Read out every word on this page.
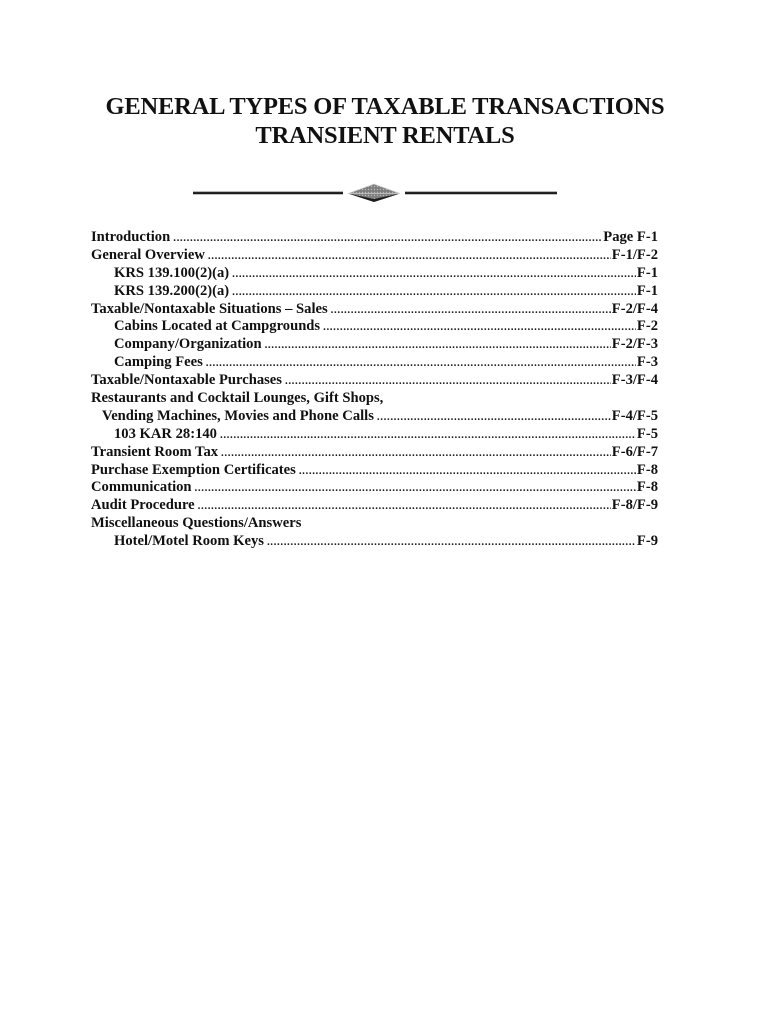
GENERAL TYPES OF TAXABLE TRANSACTIONS
TRANSIENT RENTALS
Introduction .....	Page F-1
General Overview .....	F-1/F-2
KRS 139.100(2)(a) .....	F-1
KRS 139.200(2)(a) .....	F-1
Taxable/Nontaxable Situations – Sales .....	F-2/F-4
Cabins Located at Campgrounds .....	F-2
Company/Organization .....	F-2/F-3
Camping Fees .....	F-3
Taxable/Nontaxable Purchases .....	F-3/F-4
Restaurants and Cocktail Lounges, Gift Shops,
Vending Machines, Movies and Phone Calls .....	F-4/F-5
103 KAR 28:140 .....	F-5
Transient Room Tax .....	F-6/F-7
Purchase Exemption Certificates .....	F-8
Communication .....	F-8
Audit Procedure .....	F-8/F-9
Miscellaneous Questions/Answers
Hotel/Motel Room Keys .....	F-9
